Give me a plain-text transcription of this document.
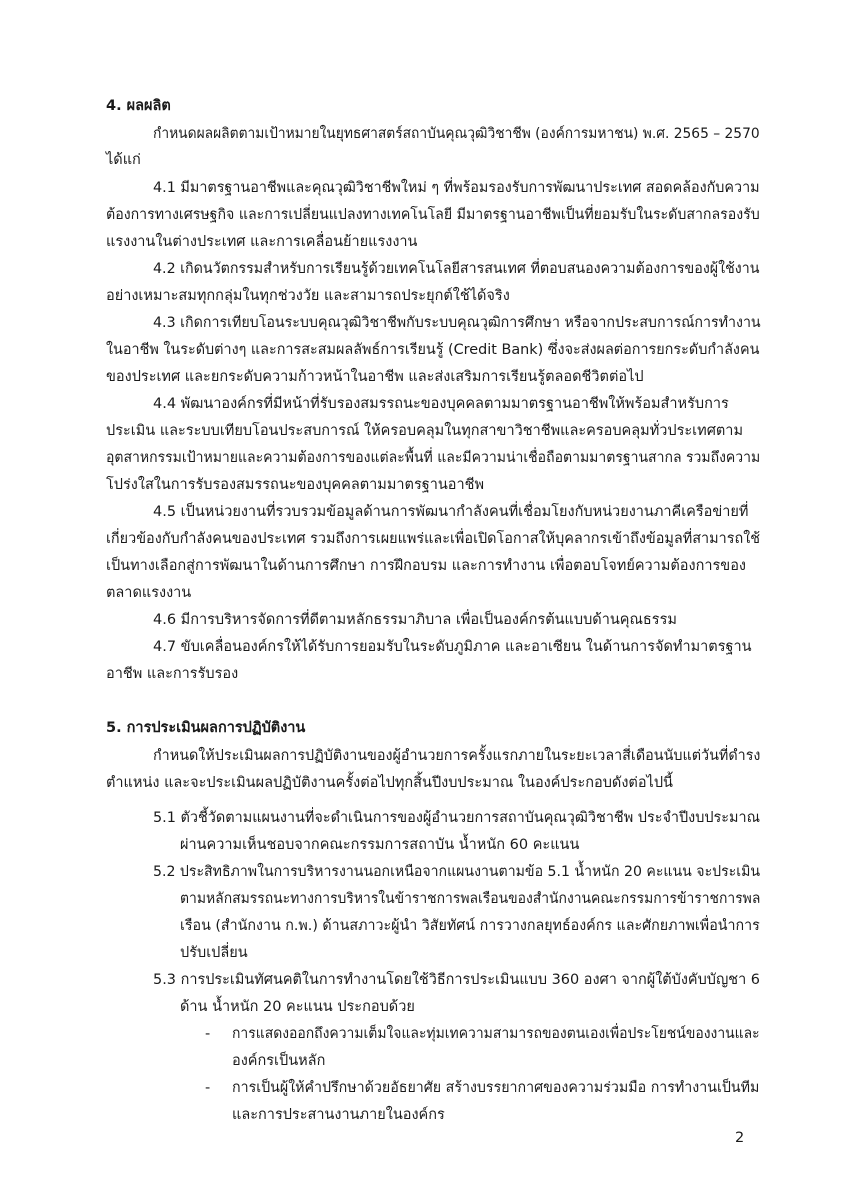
4. ผลผลิต
กำหนดผลผลิตตามเป้าหมายในยุทธศาสตร์สถาบันคุณวุฒิวิชาชีพ (องค์การมหาชน) พ.ศ. 2565 – 2570
ได้แก่
4.1 มีมาตรฐานอาชีพและคุณวุฒิวิชาชีพใหม่ ๆ ที่พร้อมรองรับการพัฒนาประเทศ สอดคล้องกับความ
ต้องการทางเศรษฐกิจ และการเปลี่ยนแปลงทางเทคโนโลยี มีมาตรฐานอาชีพเป็นที่ยอมรับในระดับสากลรองรับ
แรงงานในต่างประเทศ และการเคลื่อนย้ายแรงงาน
4.2 เกิดนวัตกรรมสำหรับการเรียนรู้ด้วยเทคโนโลยีสารสนเทศ ที่ตอบสนองความต้องการของผู้ใช้งาน
อย่างเหมาะสมทุกกลุ่มในทุกช่วงวัย และสามารถประยุกต์ใช้ได้จริง
4.3 เกิดการเทียบโอนระบบคุณวุฒิวิชาชีพกับระบบคุณวุฒิการศึกษา หรือจากประสบการณ์การทำงาน
ในอาชีพ ในระดับต่างๆ และการสะสมผลลัพธ์การเรียนรู้ (Credit Bank) ซึ่งจะส่งผลต่อการยกระดับกำลังคน
ของประเทศ และยกระดับความก้าวหน้าในอาชีพ และส่งเสริมการเรียนรู้ตลอดชีวิตต่อไป
4.4 พัฒนาองค์กรที่มีหน้าที่รับรองสมรรถนะของบุคคลตามมาตรฐานอาชีพให้พร้อมสำหรับการ
ประเมิน และระบบเทียบโอนประสบการณ์ ให้ครอบคลุมในทุกสาขาวิชาชีพและครอบคลุมทั่วประเทศตาม
อุตสาหกรรมเป้าหมายและความต้องการของแต่ละพื้นที่ และมีความน่าเชื่อถือตามมาตรฐานสากล รวมถึงความ
โปร่งใสในการรับรองสมรรถนะของบุคคลตามมาตรฐานอาชีพ
4.5 เป็นหน่วยงานที่รวบรวมข้อมูลด้านการพัฒนากำลังคนที่เชื่อมโยงกับหน่วยงานภาคีเครือข่ายที่
เกี่ยวข้องกับกำลังคนของประเทศ รวมถึงการเผยแพร่และเพื่อเปิดโอกาสให้บุคลากรเข้าถึงข้อมูลที่สามารถใช้
เป็นทางเลือกสู่การพัฒนาในด้านการศึกษา การฝึกอบรม และการทำงาน เพื่อตอบโจทย์ความต้องการของ
ตลาดแรงงาน
4.6 มีการบริหารจัดการที่ดีตามหลักธรรมาภิบาล เพื่อเป็นองค์กรต้นแบบด้านคุณธรรม
4.7 ขับเคลื่อนองค์กรให้ได้รับการยอมรับในระดับภูมิภาค และอาเซียน ในด้านการจัดทำมาตรฐาน
อาชีพ และการรับรอง
5. การประเมินผลการปฏิบัติงาน
กำหนดให้ประเมินผลการปฏิบัติงานของผู้อำนวยการครั้งแรกภายในระยะเวลาสี่เดือนนับแต่วันที่ดำรง
ตำแหน่ง และจะประเมินผลปฏิบัติงานครั้งต่อไปทุกสิ้นปีงบประมาณ ในองค์ประกอบดังต่อไปนี้
5.1 ตัวชี้วัดตามแผนงานที่จะดำเนินการของผู้อำนวยการสถาบันคุณวุฒิวิชาชีพ ประจำปีงบประมาณ
ผ่านความเห็นชอบจากคณะกรรมการสถาบัน น้ำหนัก 60 คะแนน
5.2 ประสิทธิภาพในการบริหารงานนอกเหนือจากแผนงานตามข้อ 5.1 น้ำหนัก 20 คะแนน จะประเมิน
ตามหลักสมรรถนะทางการบริหารในข้าราชการพลเรือนของสำนักงานคณะกรรมการข้าราชการพล
เรือน (สำนักงาน ก.พ.) ด้านสภาวะผู้นำ วิสัยทัศน์ การวางกลยุทธ์องค์กร และศักยภาพเพื่อนำการ
ปรับเปลี่ยน
5.3 การประเมินทัศนคติในการทำงานโดยใช้วิธีการประเมินแบบ 360 องศา จากผู้ใต้บังคับบัญชา 6
ด้าน น้ำหนัก 20 คะแนน ประกอบด้วย
- การแสดงออกถึงความเต็มใจและทุ่มเทความสามารถของตนเองเพื่อประโยชน์ของงานและ
องค์กรเป็นหลัก
- การเป็นผู้ให้คำปรึกษาด้วยอัธยาศัย สร้างบรรยากาศของความร่วมมือ การทำงานเป็นทีม
และการประสานงานภายในองค์กร
2
